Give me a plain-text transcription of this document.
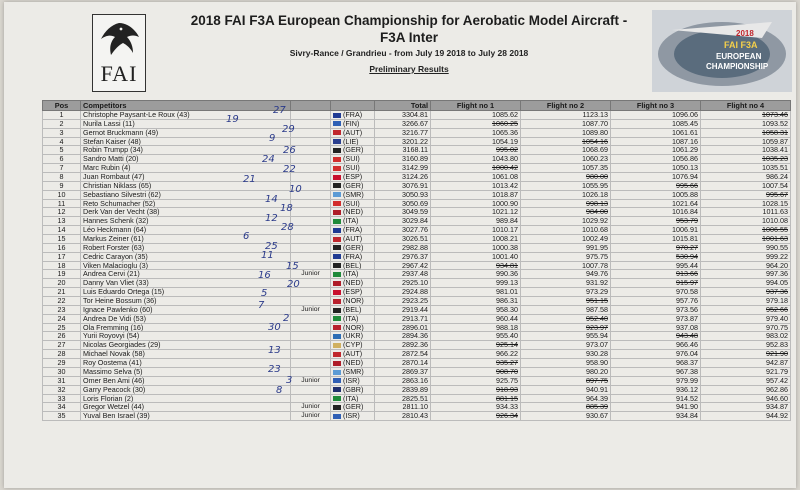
FAI
2018 FAI F3A European Championship for Aerobatic Model Aircraft -
F3A Inter
Sivry-Rance / Grandrieu - from July 19 2018 to July 28 2018
Preliminary Results
2018
FAI F3A
EUROPEAN
CHAMPIONSHIP
Pos	Competitors			Total	Flight no 1	Flight no 2	Flight no 3	Flight no 4
1	Christophe Paysant-Le Roux (43)		(FRA)	3304.81	1085.62	1123.13	1096.06	1073.46
2	Nurila Lassi (11)		(FIN)	3266.67	1060.25	1087.70	1085.45	1093.52
3	Gernot Bruckmann (49)		(AUT)	3216.77	1065.36	1089.80	1061.61	1058.31
4	Stefan Kaiser (48)		(LIE)	3201.22	1054.19	1054.16	1087.16	1059.87
5	Robin Trumpp (34)		(GER)	3168.11	995.02	1068.69	1061.29	1038.41
6	Sandro Matti (20)		(SUI)	3160.89	1043.80	1060.23	1056.86	1035.23
7	Marc Rubin (4)		(SUI)	3142.99	1000.42	1057.35	1050.13	1035.51
8	Juan Rombaut (47)		(ESP)	3124.26	1061.08	980.00	1076.94	986.24
9	Christian Niklass (65)		(GER)	3076.91	1013.42	1055.95	995.66	1007.54
10	Sebastiano Silvestri (62)		(SMR)	3050.93	1018.87	1026.18	1005.88	995.67
11	Reto Schumacher (52)		(SUI)	3050.69	1000.90	998.13	1021.64	1028.15
12	Derk Van der Vecht (38)		(NED)	3049.59	1021.12	984.00	1016.84	1011.63
13	Hannes Schenk (32)		(ITA)	3029.84	989.84	1029.92	953.79	1010.08
14	Léo Heckmann (64)		(FRA)	3027.76	1010.17	1010.68	1006.91	1006.55
15	Markus Zeiner (61)		(AUT)	3026.51	1008.21	1002.49	1015.81	1001.63
16	Robert Forster (63)		(GER)	2982.88	1000.38	991.95	970.27	990.55
17	Cedric Carayon (35)		(FRA)	2976.37	1001.40	975.75	530.94	999.22
18	Viken Malacioglu (3)		(BEL)	2967.42	934.81	1007.78	995.44	964.20
19	Andrea Cervi (21)	Junior	(ITA)	2937.48	990.36	949.76	913.66	997.36
20	Danny Van Vliet (33)		(NED)	2925.10	999.13	931.92	915.97	994.05
21	Luis Eduardo Ortega (15)		(ESP)	2924.88	981.01	973.29	970.58	937.36
22	Tor Heine Bossum (36)		(NOR)	2923.25	986.31	951.15	957.76	979.18
23	Ignace Pawlenko (60)	Junior	(BEL)	2919.44	958.30	987.58	973.56	952.66
24	Andrea De Vidi (53)		(ITA)	2913.71	960.44	952.40	973.87	979.40
25	Ola Fremming (16)		(NOR)	2896.01	988.18	923.97	937.08	970.75
26	Yurii Royovyi (54)		(UKR)	2894.36	955.40	955.94	943.48	983.02
27	Nicolas Georgiades (29)		(CYP)	2892.36	925.14	973.07	966.46	952.83
28	Michael Novak (58)		(AUT)	2872.54	966.22	930.28	976.04	921.90
29	Roy Oostema (41)		(NED)	2870.14	935.27	958.90	968.37	942.87
30	Massimo Selva (5)		(SMR)	2869.37	908.70	980.20	967.38	921.79
31	Omer Ben Ami (46)	Junior	(ISR)	2863.16	925.75	897.75	979.99	957.42
32	Garry Peacock (30)		(GBR)	2839.89	918.93	940.91	936.12	962.86
33	Loris Florian (2)		(ITA)	2825.51	881.15	964.39	914.52	946.60
34	Gregor Wetzel (44)	Junior	(GER)	2811.10	934.33	885.39	941.90	934.87
35	Yuval Ben Israel (39)	Junior	(ISR)	2810.43	926.34	930.67	934.84	944.92
27
19
29
9
26
24
22
21
10
14
18
12
28
6
25
11
15
16
20
5
7
2
30
13
23
3
8
